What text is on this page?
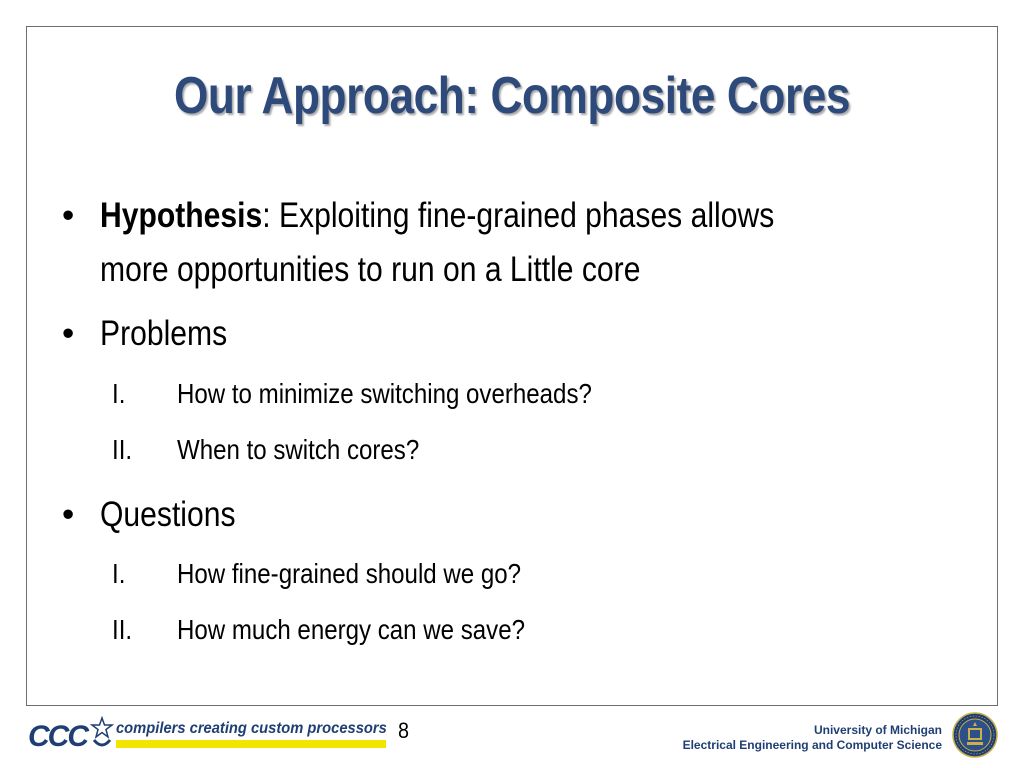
Our Approach: Composite Cores
• Hypothesis: Exploiting fine-grained phases allows
more opportunities to run on a Little core
• Problems
I. How to minimize switching overheads?
II. When to switch cores?
• Questions
I. How fine-grained should we go?
II. How much energy can we save?
CCC compilers creating custom processors 8	University of Michigan
Electrical Engineering and Computer Science
